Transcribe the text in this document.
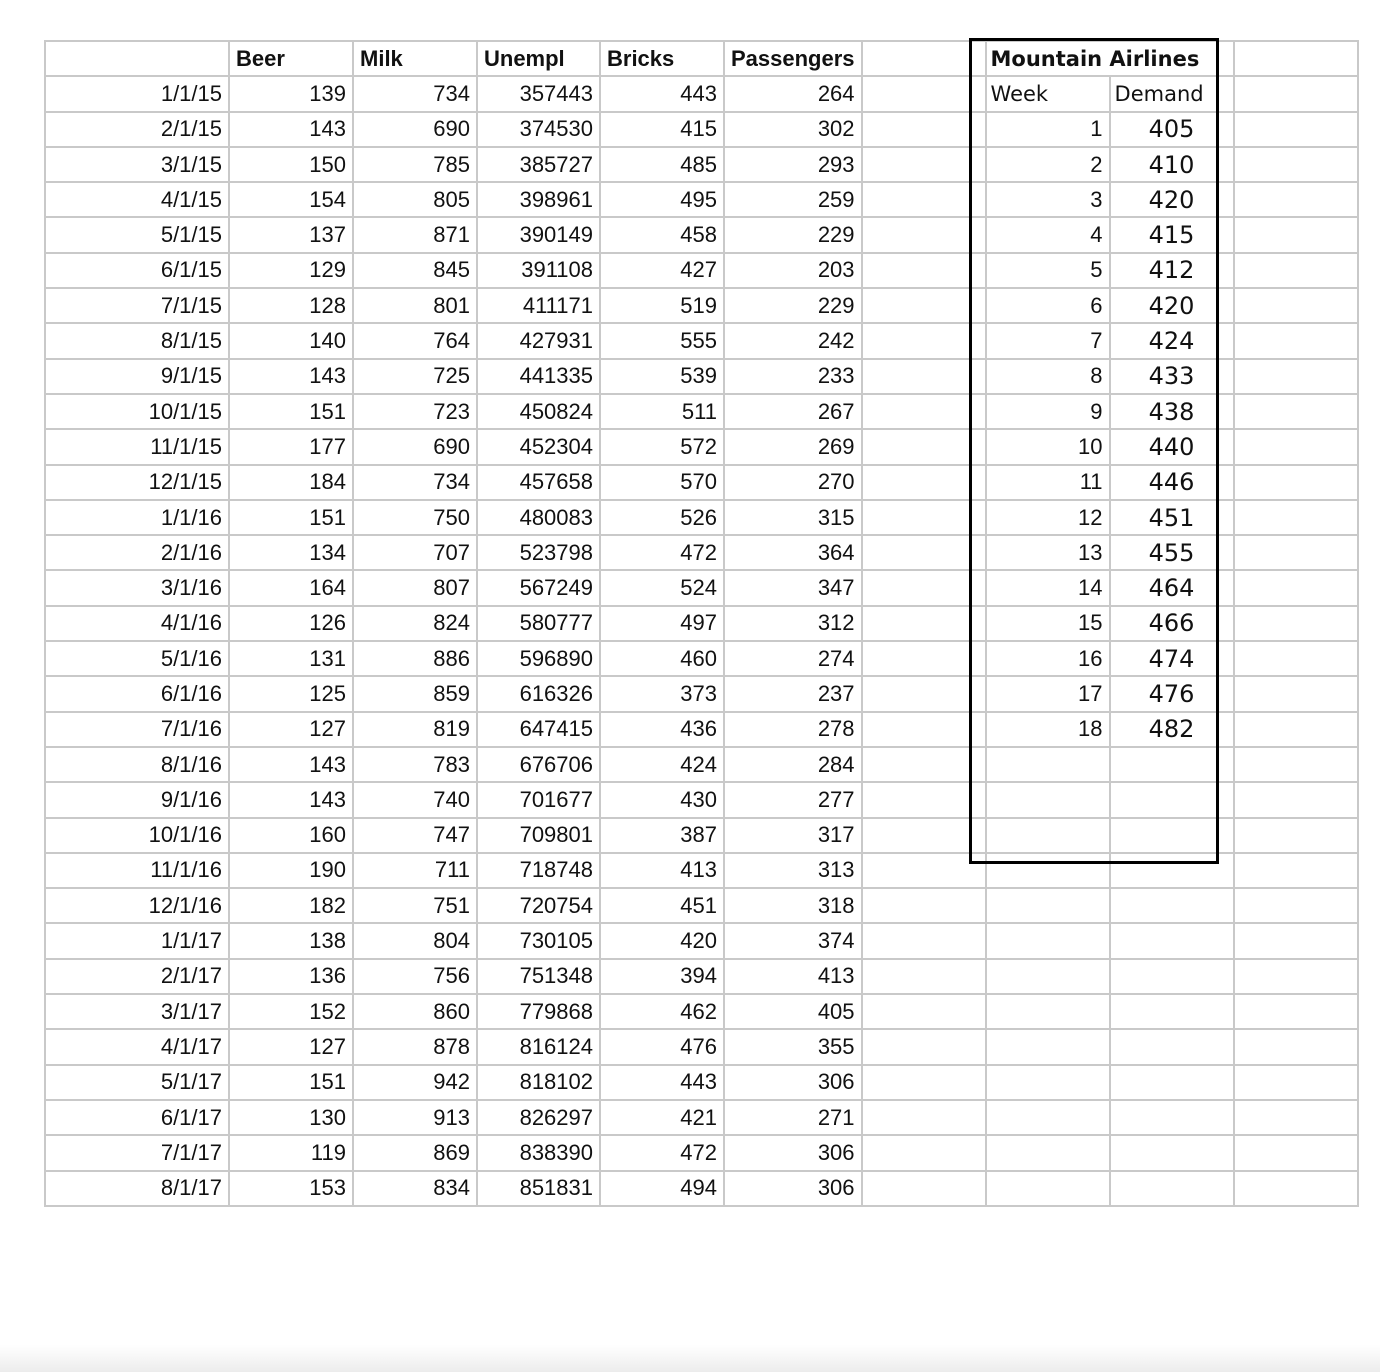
	Beer	Milk	Unempl	Bricks	Passengers		Mountain Airlines		
1/1/15	139	734	357443	443	264		Week	Demand	
2/1/15	143	690	374530	415	302		1	405	
3/1/15	150	785	385727	485	293		2	410	
4/1/15	154	805	398961	495	259		3	420	
5/1/15	137	871	390149	458	229		4	415	
6/1/15	129	845	391108	427	203		5	412	
7/1/15	128	801	411171	519	229		6	420	
8/1/15	140	764	427931	555	242		7	424	
9/1/15	143	725	441335	539	233		8	433	
10/1/15	151	723	450824	511	267		9	438	
11/1/15	177	690	452304	572	269		10	440	
12/1/15	184	734	457658	570	270		11	446	
1/1/16	151	750	480083	526	315		12	451	
2/1/16	134	707	523798	472	364		13	455	
3/1/16	164	807	567249	524	347		14	464	
4/1/16	126	824	580777	497	312		15	466	
5/1/16	131	886	596890	460	274		16	474	
6/1/16	125	859	616326	373	237		17	476	
7/1/16	127	819	647415	436	278		18	482	
8/1/16	143	783	676706	424	284				
9/1/16	143	740	701677	430	277				
10/1/16	160	747	709801	387	317				
11/1/16	190	711	718748	413	313				
12/1/16	182	751	720754	451	318				
1/1/17	138	804	730105	420	374				
2/1/17	136	756	751348	394	413				
3/1/17	152	860	779868	462	405				
4/1/17	127	878	816124	476	355				
5/1/17	151	942	818102	443	306				
6/1/17	130	913	826297	421	271				
7/1/17	119	869	838390	472	306				
8/1/17	153	834	851831	494	306				
